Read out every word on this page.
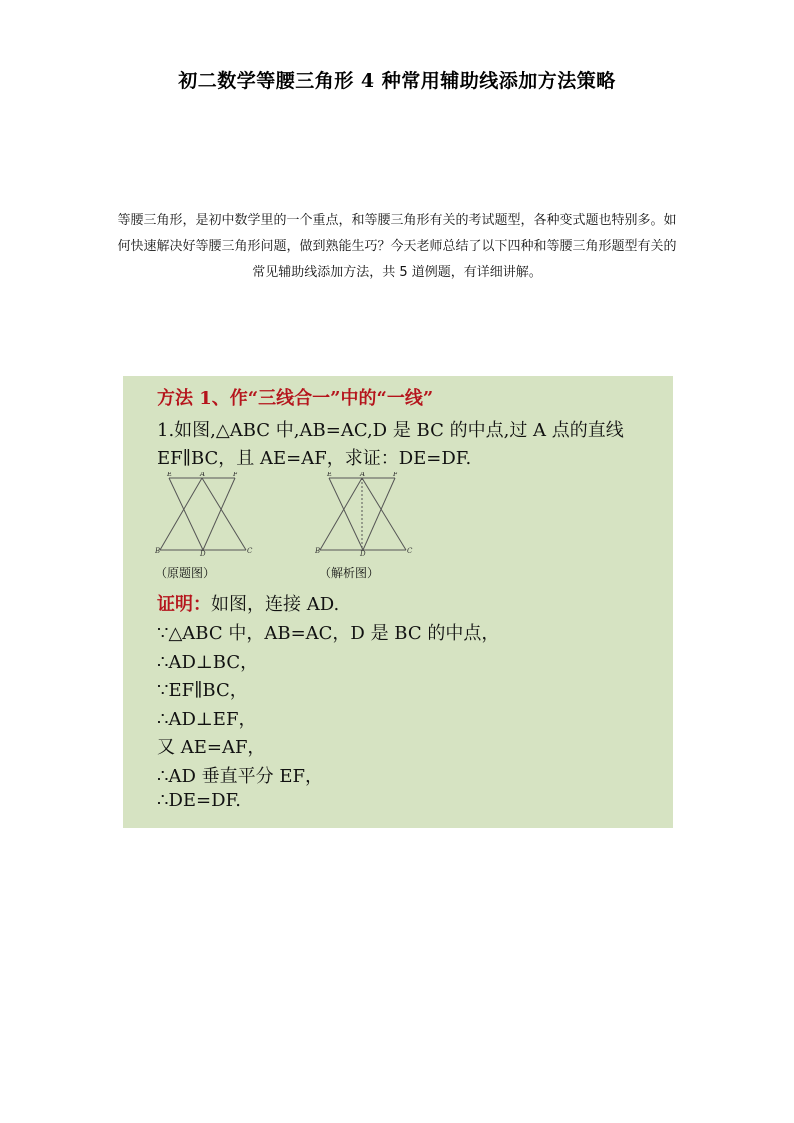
初二数学等腰三角形 4 种常用辅助线添加方法策略

等腰三角形，是初中数学里的一个重点，和等腰三角形有关的考试题型，各种变式题也特别多。如

何快速解决好等腰三角形问题，做到熟能生巧？今天老师总结了以下四种和等腰三角形题型有关的

常见辅助线添加方法，共 5 道例题，有详细讲解。

方法 1、作“三线合一”中的“一线”
1.如图,△ABC 中,AB=AC,D 是 BC 的中点,过 A 点的直线
EF∥BC，且 AE=AF，求证：DE=DF.
E	A	F
B	D	C
（原题图）
E	A	F
B	D	C
（解析图）
证明：如图，连接 AD.
∵△ABC 中，AB=AC，D 是 BC 的中点，
∴AD⊥BC，
∵EF∥BC，
∴AD⊥EF，
又 AE=AF，
∴AD 垂直平分 EF，
∴DE=DF.
